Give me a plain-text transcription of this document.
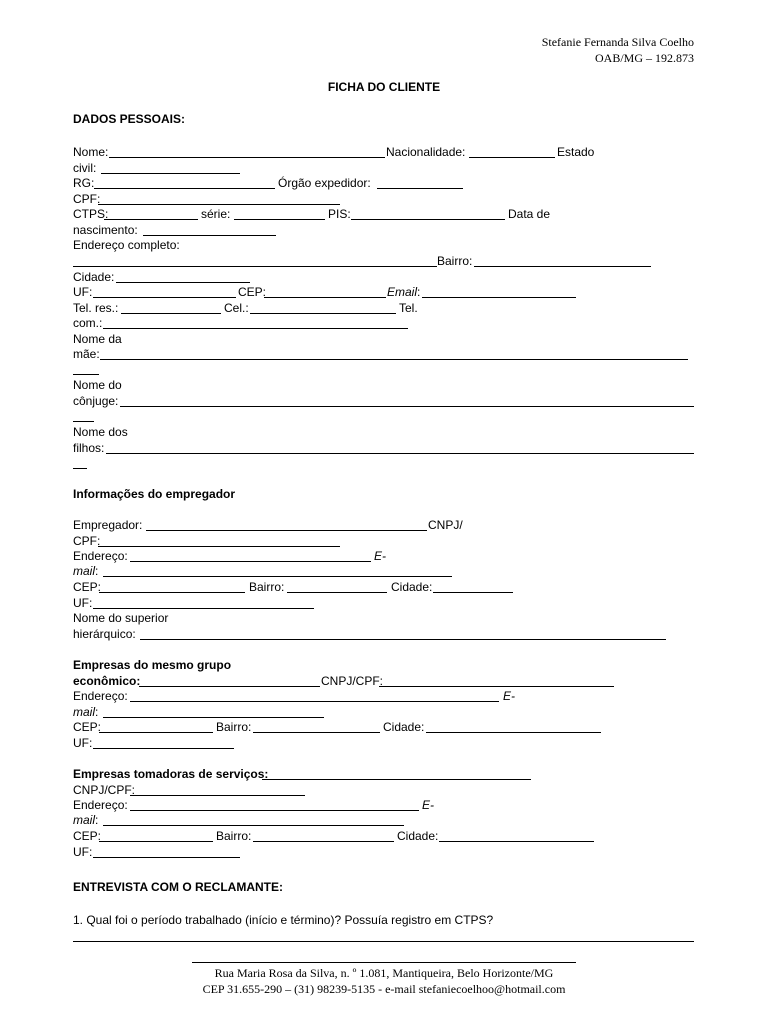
Stefanie Fernanda Silva Coelho
OAB/MG – 192.873
FICHA DO CLIENTE
DADOS PESSOAIS:
Nome:	Nacionalidade:	Estado
civil:
RG:	Órgão expedidor:
CPF:
CTPS:	série:	PIS:	Data de
nascimento:
Endereço completo:
Bairro:
Cidade:
UF:	CEP:	Email:
Tel. res.:	Cel.:	Tel.
com.:
Nome da
mãe:
Nome do
cônjuge:
Nome dos
filhos:
Informações do empregador
Empregador:	CNPJ/
CPF:
Endereço:	E-
mail:
CEP:	Bairro:	Cidade:
UF:
Nome do superior
hierárquico:
Empresas do mesmo grupo
econômico:	CNPJ/CPF:
Endereço:	E-
mail:
CEP:	Bairro:	Cidade:
UF:
Empresas tomadoras de serviços:
CNPJ/CPF:
Endereço:	E-
mail:
CEP:	Bairro:	Cidade:
UF:
ENTREVISTA COM O RECLAMANTE:
1. Qual foi o período trabalhado (início e término)? Possuía registro em CTPS?
Rua Maria Rosa da Silva, n. º 1.081, Mantiqueira, Belo Horizonte/MG
CEP 31.655-290 – (31) 98239-5135 - e-mail stefaniecoelhoo@hotmail.com
